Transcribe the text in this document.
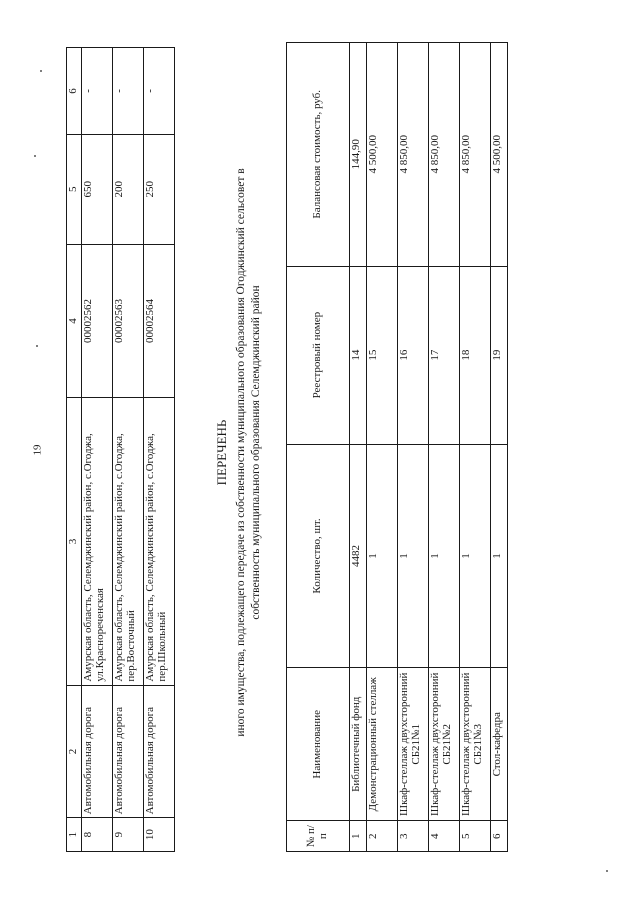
19
1	2	3	4	5	6
8	Автомобильная дорога	Амурская область, Селемджинский район, с.Огоджа, ул.Краснореченская	00002562	650	-
9	Автомобильная дорога	Амурская область, Селемджинский район, с.Огоджа, пер.Восточный	00002563	200	-
10	Автомобильная дорога	Амурская область, Селемджинский район, с.Огоджа, пер.Школьный	00002564	250	-
ПЕРЕЧЕНЬ иного имущества, подлежащего передаче из собственности муниципального образования Огоджинский сельсовет в собственность муниципального образования Селемджинский район
№ п/п	Наименование	Количество, шт.	Реестровый номер	Балансовая стоимость, руб.
1	Библиотечный фонд	4482	14	144,90
2	Демонстрационный стеллаж	1	15	4 500,00
3	Шкаф-стеллаж двухсторонний СБ21№1	1	16	4 850,00
4	Шкаф-стеллаж двухсторонний СБ21№2	1	17	4 850,00
5	Шкаф-стеллаж двухсторонний СБ21№3	1	18	4 850,00
6	Стол-кафедра	1	19	4 500,00
